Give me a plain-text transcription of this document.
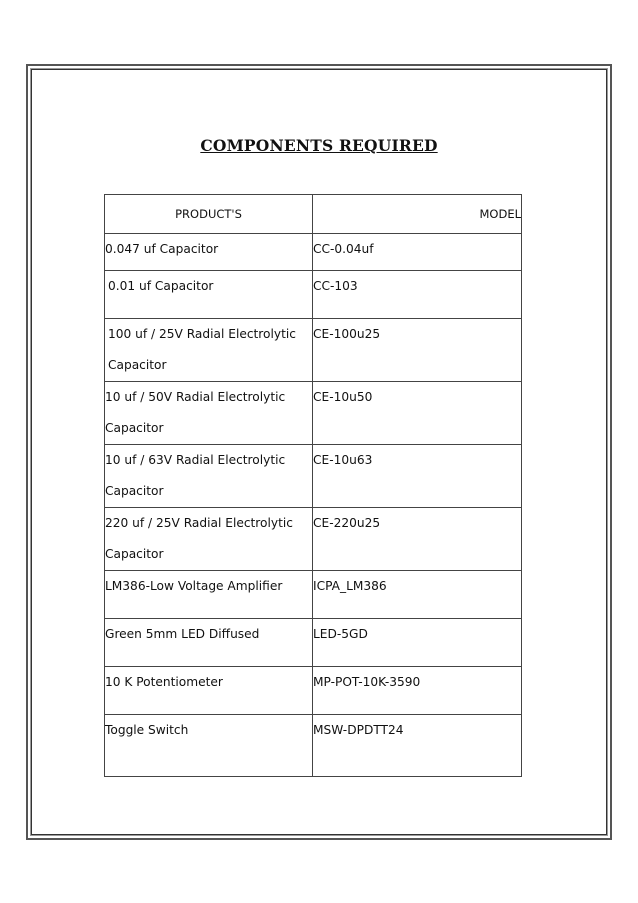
COMPONENTS REQUIRED
PRODUCT'S	MODEL
0.047 uf Capacitor	CC-0.04uf
0.01 uf Capacitor	CC-103
100 uf / 25V Radial Electrolytic Capacitor	CE-100u25
10 uf / 50V Radial Electrolytic Capacitor	CE-10u50
10 uf / 63V Radial Electrolytic Capacitor	CE-10u63
220 uf / 25V Radial Electrolytic Capacitor	CE-220u25
LM386-Low Voltage Amplifier	ICPA_LM386
Green 5mm LED Diffused	LED-5GD
10 K Potentiometer	MP-POT-10K-3590
Toggle Switch	MSW-DPDTT24
